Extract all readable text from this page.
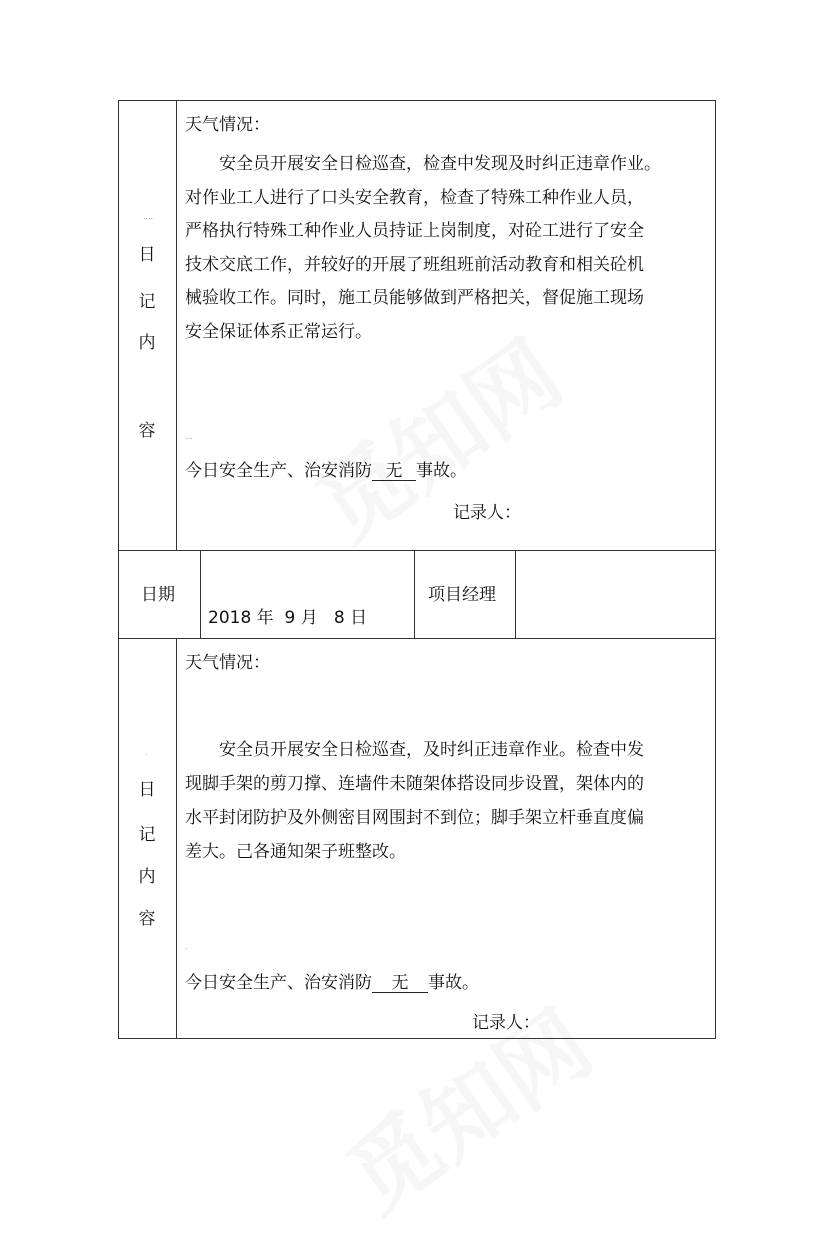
....
日
记
内
容
天气情况：

安全员开展安全日检巡查，检查中发现及时纠正违章作业。

对作业工人进行了口头安全教育，检查了特殊工种作业人员，

严格执行特殊工种作业人员持证上岗制度，对砼工进行了安全

技术交底工作，并较好的开展了班组班前活动教育和相关砼机

械验收工作。同时，施工员能够做到严格把关，督促施工现场

安全保证体系正常运行。

...
今日安全生产、治安消防 无 事故。
记录人：
日期
2018 年  9 月   8 日
项目经理
天气情况：
.
日
记
内
容

安全员开展安全日检巡查，及时纠正违章作业。检查中发

现脚手架的剪刀撑、连墙件未随架体搭设同步设置，架体内的

水平封闭防护及外侧密目网围封不到位；脚手架立杆垂直度偏

差大。己各通知架子班整改。

.
今日安全生产、治安消防 无 事故。
记录人：
